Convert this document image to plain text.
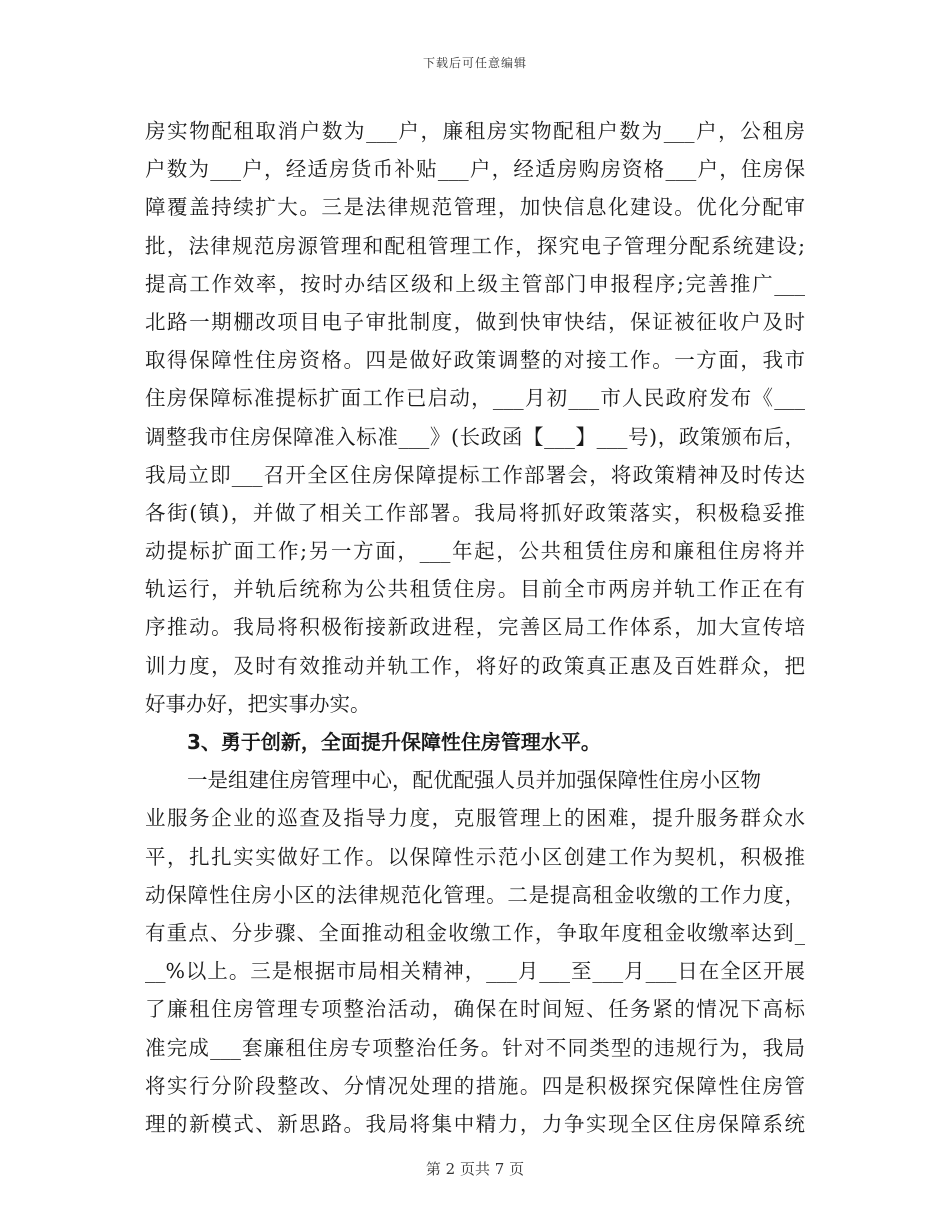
下载后可任意编辑
房实物配租取消户数为___户，廉租房实物配租户数为___户，公租房
户数为___户，经适房货币补贴___户，经适房购房资格___户，住房保
障覆盖持续扩大。三是法律规范管理，加快信息化建设。优化分配审
批，法律规范房源管理和配租管理工作，探究电子管理分配系统建设;
提高工作效率，按时办结区级和上级主管部门申报程序;完善推广___
北路一期棚改项目电子审批制度，做到快审快结，保证被征收户及时
取得保障性住房资格。四是做好政策调整的对接工作。一方面，我市
住房保障标准提标扩面工作已启动，___月初___市人民政府发布《___
调整我市住房保障准入标准___》(长政函【___】___号)，政策颁布后，
我局立即___召开全区住房保障提标工作部署会，将政策精神及时传达
各街(镇)，并做了相关工作部署。我局将抓好政策落实，积极稳妥推
动提标扩面工作;另一方面，___年起，公共租赁住房和廉租住房将并
轨运行，并轨后统称为公共租赁住房。目前全市两房并轨工作正在有
序推动。我局将积极衔接新政进程，完善区局工作体系，加大宣传培
训力度，及时有效推动并轨工作，将好的政策真正惠及百姓群众，把
好事办好，把实事办实。
3、勇于创新，全面提升保障性住房管理水平。
一是组建住房管理中心，配优配强人员并加强保障性住房小区物
业服务企业的巡查及指导力度，克服管理上的困难，提升服务群众水
平，扎扎实实做好工作。以保障性示范小区创建工作为契机，积极推
动保障性住房小区的法律规范化管理。二是提高租金收缴的工作力度，
有重点、分步骤、全面推动租金收缴工作，争取年度租金收缴率达到_
__%以上。三是根据市局相关精神，___月___至___月___日在全区开展
了廉租住房管理专项整治活动，确保在时间短、任务紧的情况下高标
准完成___套廉租住房专项整治任务。针对不同类型的违规行为，我局
将实行分阶段整改、分情况处理的措施。四是积极探究保障性住房管
理的新模式、新思路。我局将集中精力，力争实现全区住房保障系统
第 2 页共 7 页
